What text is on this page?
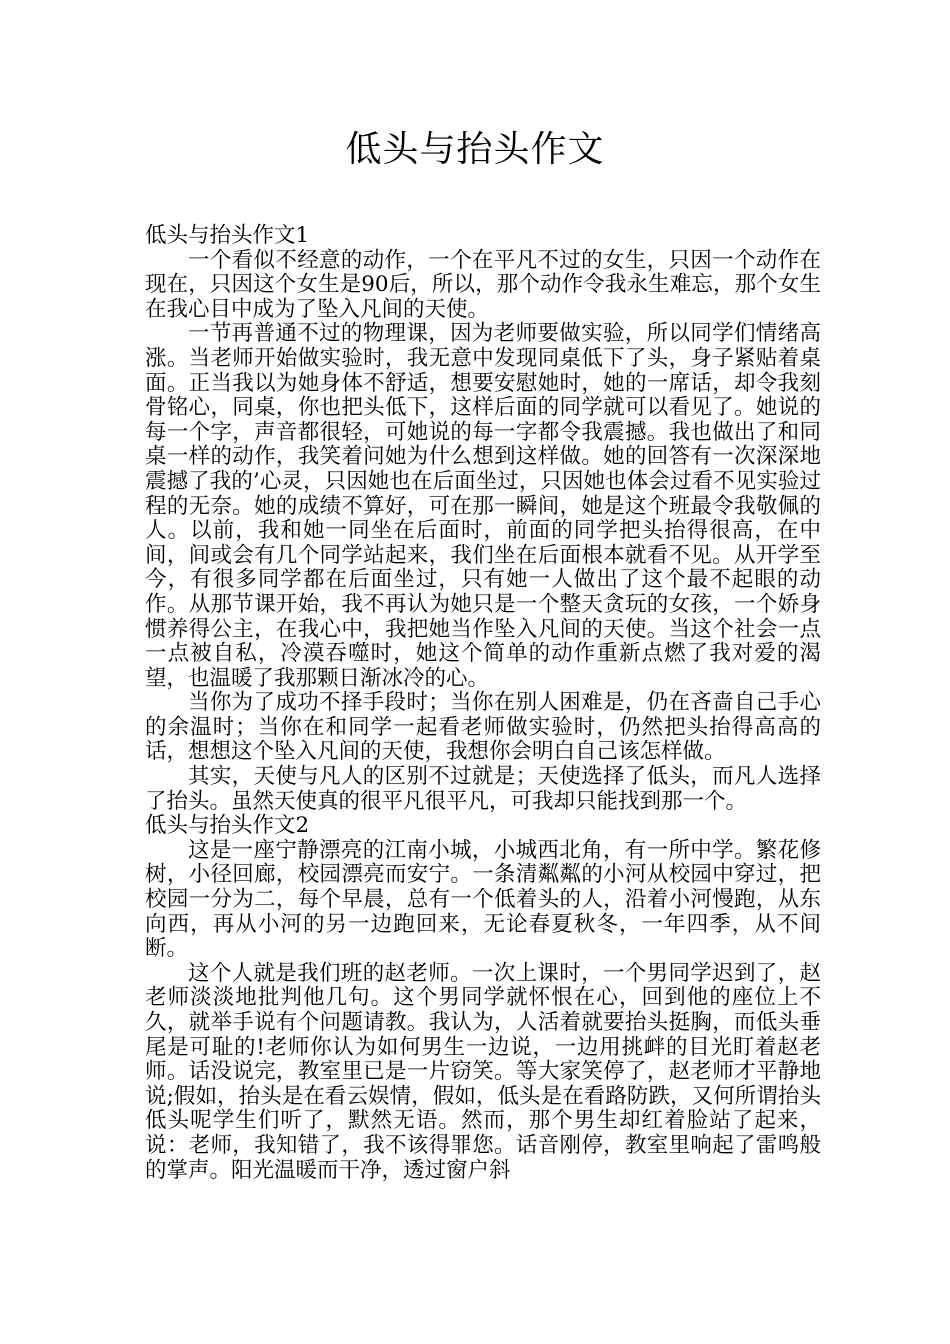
低头与抬头作文

低头与抬头作文1

一个看似不经意的动作，一个在平凡不过的女生，只因一个动作在现在，只因这个女生是90后，所以，那个动作令我永生难忘，那个女生在我心目中成为了坠入凡间的天使。

一节再普通不过的物理课，因为老师要做实验，所以同学们情绪高涨。当老师开始做实验时，我无意中发现同桌低下了头，身子紧贴着桌面。正当我以为她身体不舒适，想要安慰她时，她的一席话，却令我刻骨铭心，同桌，你也把头低下，这样后面的同学就可以看见了。她说的每一个字，声音都很轻，可她说的每一字都令我震撼。我也做出了和同桌一样的动作，我笑着问她为什么想到这样做。她的回答有一次深深地震撼了我的’心灵，只因她也在后面坐过，只因她也体会过看不见实验过程的无奈。她的成绩不算好，可在那一瞬间，她是这个班最令我敬佩的人。以前，我和她一同坐在后面时，前面的同学把头抬得很高，在中间，间或会有几个同学站起来，我们坐在后面根本就看不见。从开学至今，有很多同学都在后面坐过，只有她一人做出了这个最不起眼的动作。从那节课开始，我不再认为她只是一个整天贪玩的女孩，一个娇身惯养得公主，在我心中，我把她当作坠入凡间的天使。当这个社会一点一点被自私，冷漠吞噬时，她这个简单的动作重新点燃了我对爱的渴望，也温暖了我那颗日渐冰冷的心。

当你为了成功不择手段时；当你在别人困难是，仍在吝啬自己手心的余温时；当你在和同学一起看老师做实验时，仍然把头抬得高高的话，想想这个坠入凡间的天使，我想你会明白自己该怎样做。

其实，天使与凡人的区别不过就是；天使选择了低头，而凡人选择了抬头。虽然天使真的很平凡很平凡，可我却只能找到那一个。

低头与抬头作文2

这是一座宁静漂亮的江南小城，小城西北角，有一所中学。繁花修树，小径回廊，校园漂亮而安宁。一条清粼粼的小河从校园中穿过，把校园一分为二，每个早晨，总有一个低着头的人，沿着小河慢跑，从东向西，再从小河的另一边跑回来，无论春夏秋冬，一年四季，从不间断。

这个人就是我们班的赵老师。一次上课时，一个男同学迟到了，赵老师淡淡地批判他几句。这个男同学就怀恨在心，回到他的座位上不久，就举手说有个问题请教。我认为，人活着就要抬头挺胸，而低头垂尾是可耻的!老师你认为如何男生一边说，一边用挑衅的目光盯着赵老师。话没说完，教室里已是一片窃笑。等大家笑停了，赵老师才平静地说;假如，抬头是在看云娱情，假如，低头是在看路防跌，又何所谓抬头低头呢学生们听了，默然无语。然而，那个男生却红着脸站了起来，说：老师，我知错了，我不该得罪您。话音刚停，教室里响起了雷鸣般的掌声。阳光温暖而干净，透过窗户斜
